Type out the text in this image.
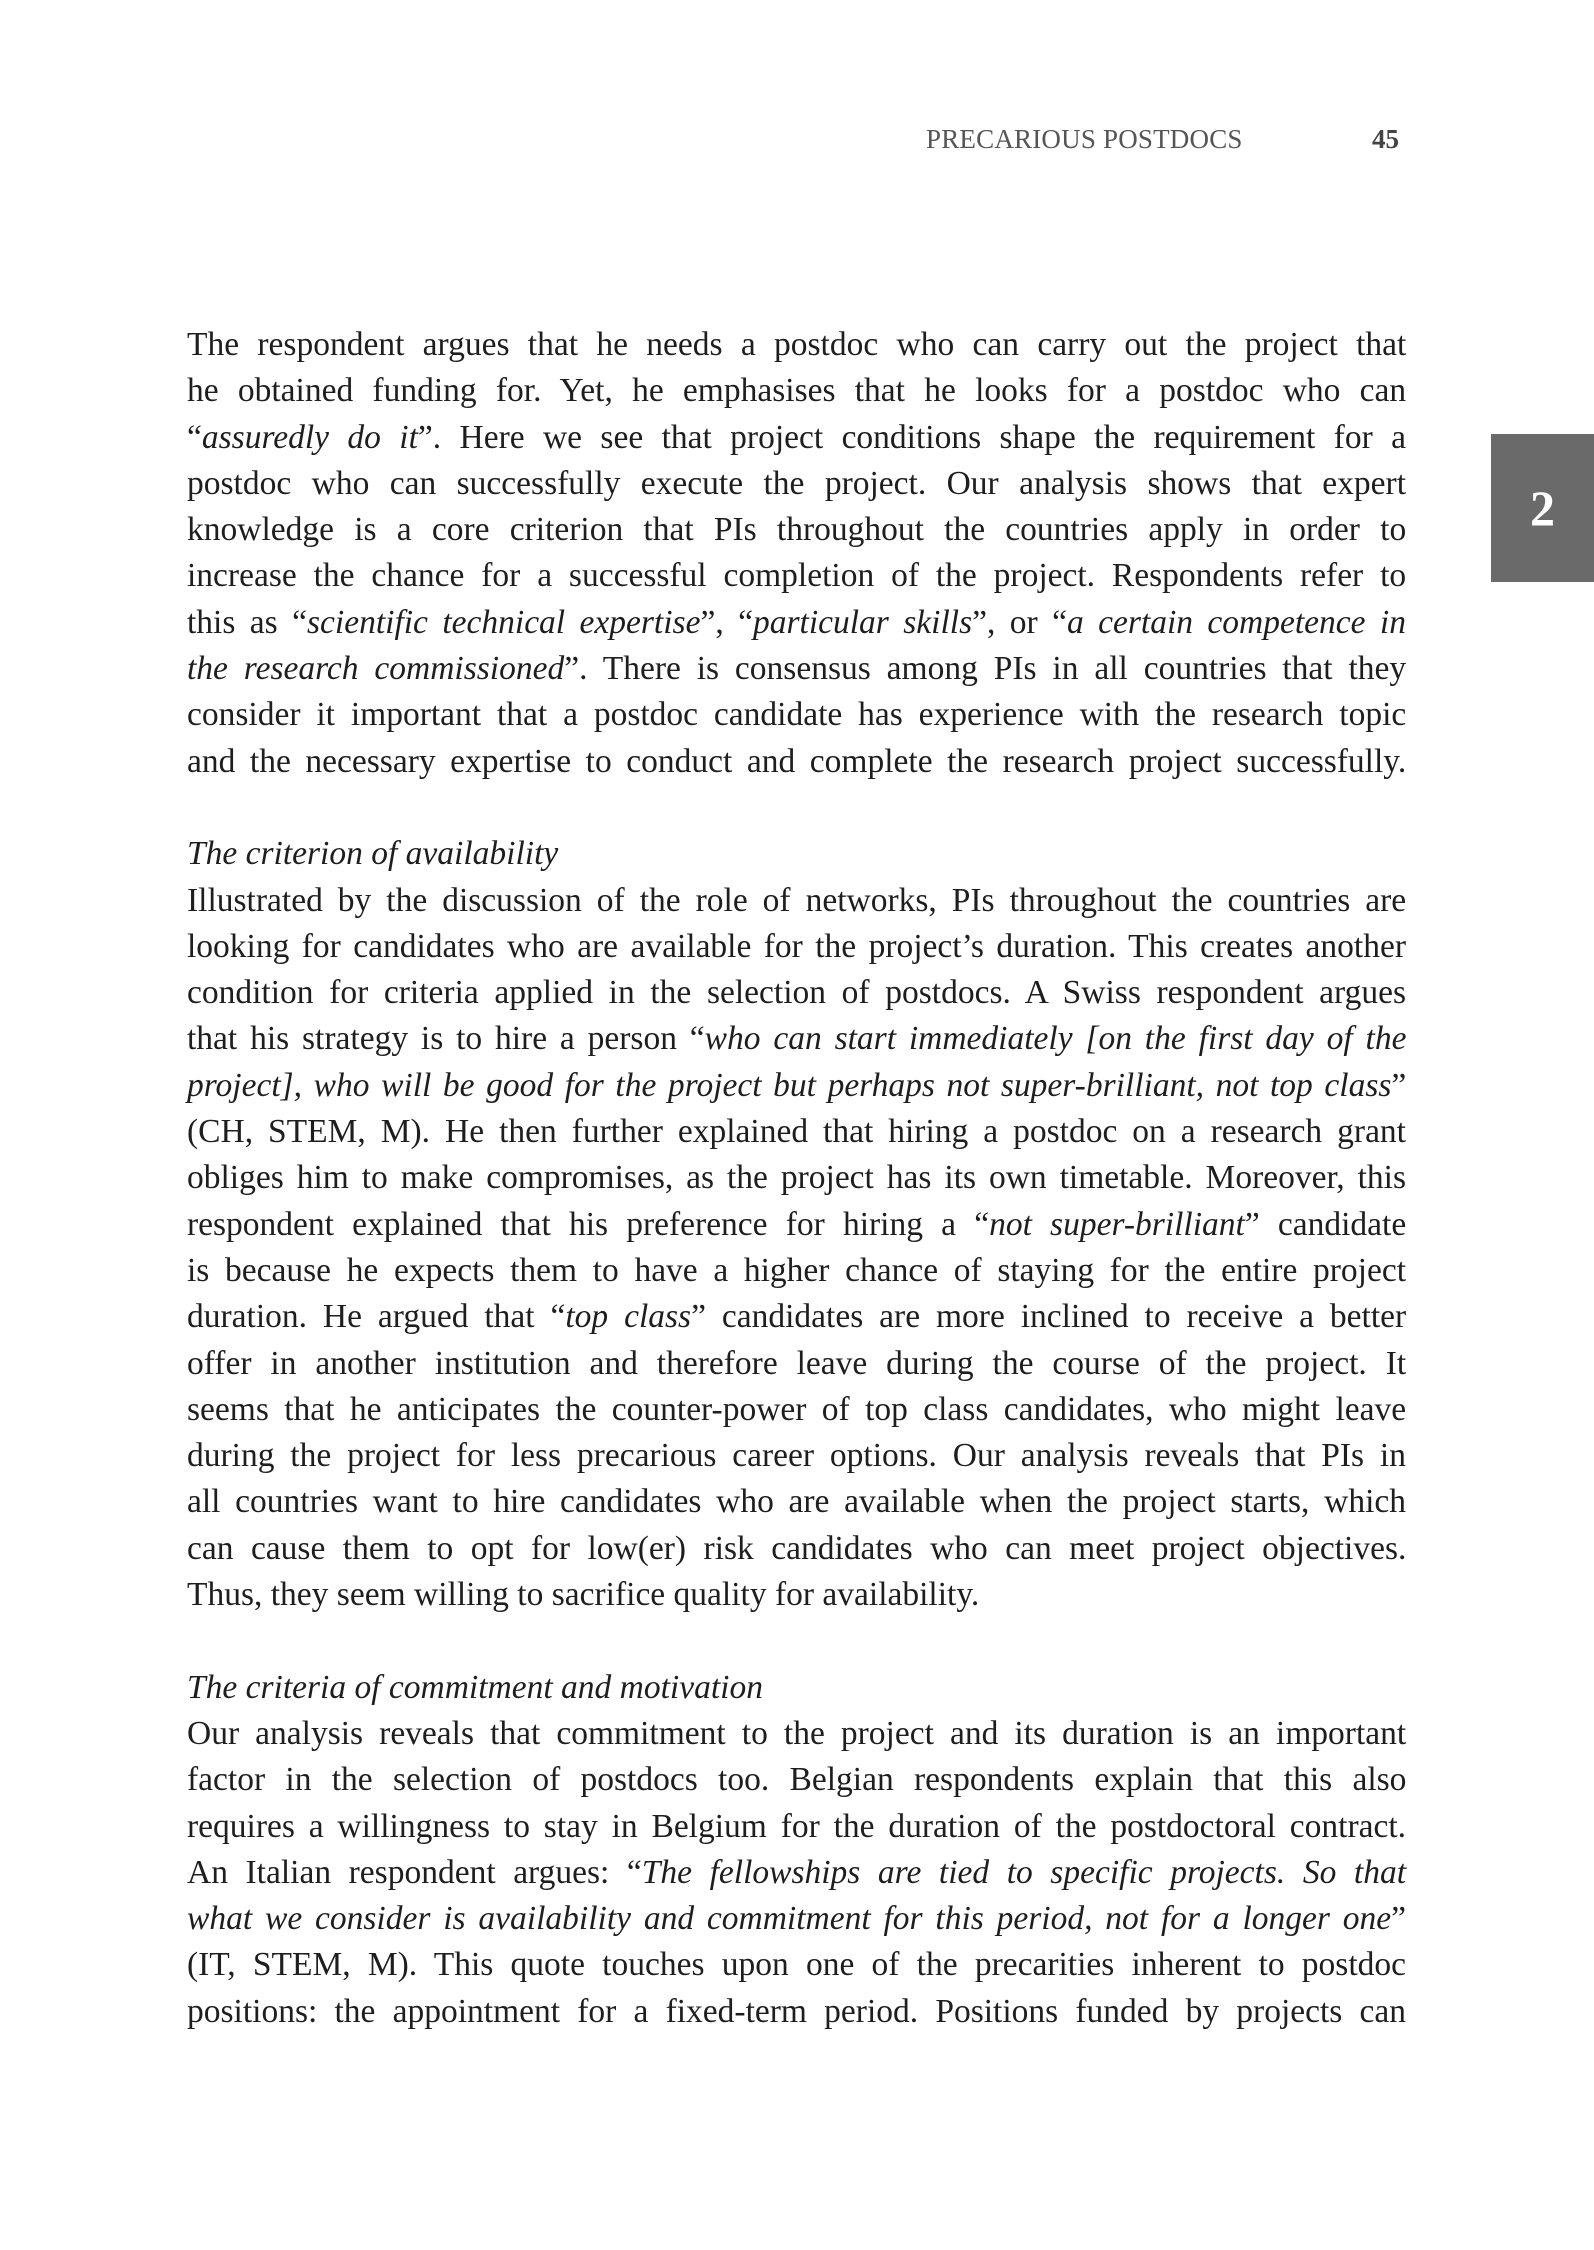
PRECARIOUS POSTDOCS	45
2
The respondent argues that he needs a postdoc who can carry out the project that
he obtained funding for. Yet, he emphasises that he looks for a postdoc who can
“assuredly do it”. Here we see that project conditions shape the requirement for a
postdoc who can successfully execute the project. Our analysis shows that expert
knowledge is a core criterion that PIs throughout the countries apply in order to
increase the chance for a successful completion of the project. Respondents refer to
this as “scientific technical expertise”, “particular skills”, or “a certain competence in
the research commissioned”. There is consensus among PIs in all countries that they
consider it important that a postdoc candidate has experience with the research topic
and the necessary expertise to conduct and complete the research project successfully.
The criterion of availability
Illustrated by the discussion of the role of networks, PIs throughout the countries are
looking for candidates who are available for the project’s duration. This creates another
condition for criteria applied in the selection of postdocs. A Swiss respondent argues
that his strategy is to hire a person “who can start immediately [on the first day of the
project], who will be good for the project but perhaps not super-brilliant, not top class”
(CH, STEM, M). He then further explained that hiring a postdoc on a research grant
obliges him to make compromises, as the project has its own timetable. Moreover, this
respondent explained that his preference for hiring a “not super-brilliant” candidate
is because he expects them to have a higher chance of staying for the entire project
duration. He argued that “top class” candidates are more inclined to receive a better
offer in another institution and therefore leave during the course of the project. It
seems that he anticipates the counter-power of top class candidates, who might leave
during the project for less precarious career options. Our analysis reveals that PIs in
all countries want to hire candidates who are available when the project starts, which
can cause them to opt for low(er) risk candidates who can meet project objectives.
Thus, they seem willing to sacrifice quality for availability.
The criteria of commitment and motivation
Our analysis reveals that commitment to the project and its duration is an important
factor in the selection of postdocs too. Belgian respondents explain that this also
requires a willingness to stay in Belgium for the duration of the postdoctoral contract.
An Italian respondent argues: “The fellowships are tied to specific projects. So that
what we consider is availability and commitment for this period, not for a longer one”
(IT, STEM, M). This quote touches upon one of the precarities inherent to postdoc
positions: the appointment for a fixed-term period. Positions funded by projects can
